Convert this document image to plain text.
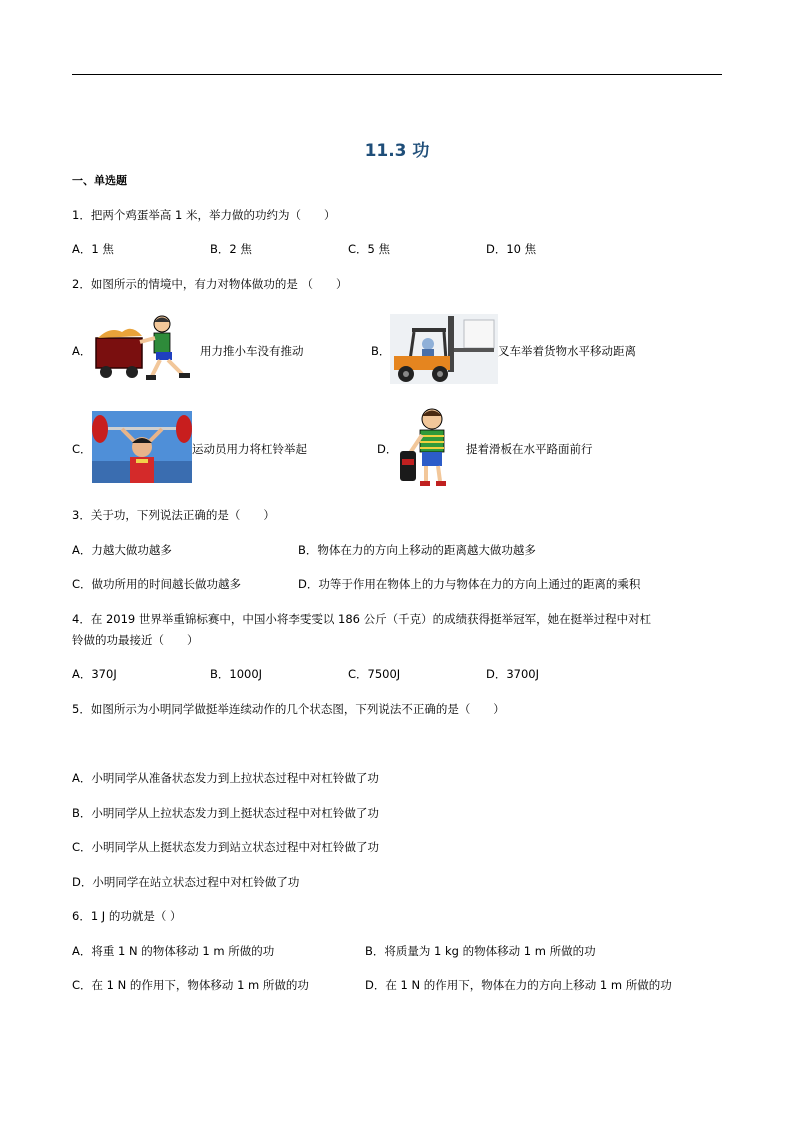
11.3 功
一、单选题
1．把两个鸡蛋举高 1 米，举力做的功约为（　　）
A．1 焦	B．2 焦	C．5 焦	D．10 焦
2．如图所示的情境中，有力对物体做功的是 （　　）
A．	用力推小车没有推动	B．	叉车举着货物水平移动距离
C．	运动员用力将杠铃举起	D．	提着滑板在水平路面前行
3．关于功，下列说法正确的是（　　）
A．力越大做功越多	B．物体在力的方向上移动的距离越大做功越多
C．做功所用的时间越长做功越多	D．功等于作用在物体上的力与物体在力的方向上通过的距离的乘积
4．在 2019 世界举重锦标赛中，中国小将李雯雯以 186 公斤（千克）的成绩获得挺举冠军，她在挺举过程中对杠
铃做的功最接近（　　）
A．370J	B．1000J	C．7500J	D．3700J
5．如图所示为小明同学做挺举连续动作的几个状态图，下列说法不正确的是（　　）
A．小明同学从准备状态发力到上拉状态过程中对杠铃做了功
B．小明同学从上拉状态发力到上挺状态过程中对杠铃做了功
C．小明同学从上挺状态发力到站立状态过程中对杠铃做了功
D．小明同学在站立状态过程中对杠铃做了功
6．1 J 的功就是（ ）
A．将重 1 N 的物体移动 1 m 所做的功	B．将质量为 1 kg 的物体移动 1 m 所做的功
C．在 1 N 的作用下，物体移动 1 m 所做的功	D．在 1 N 的作用下，物体在力的方向上移动 1 m 所做的功
